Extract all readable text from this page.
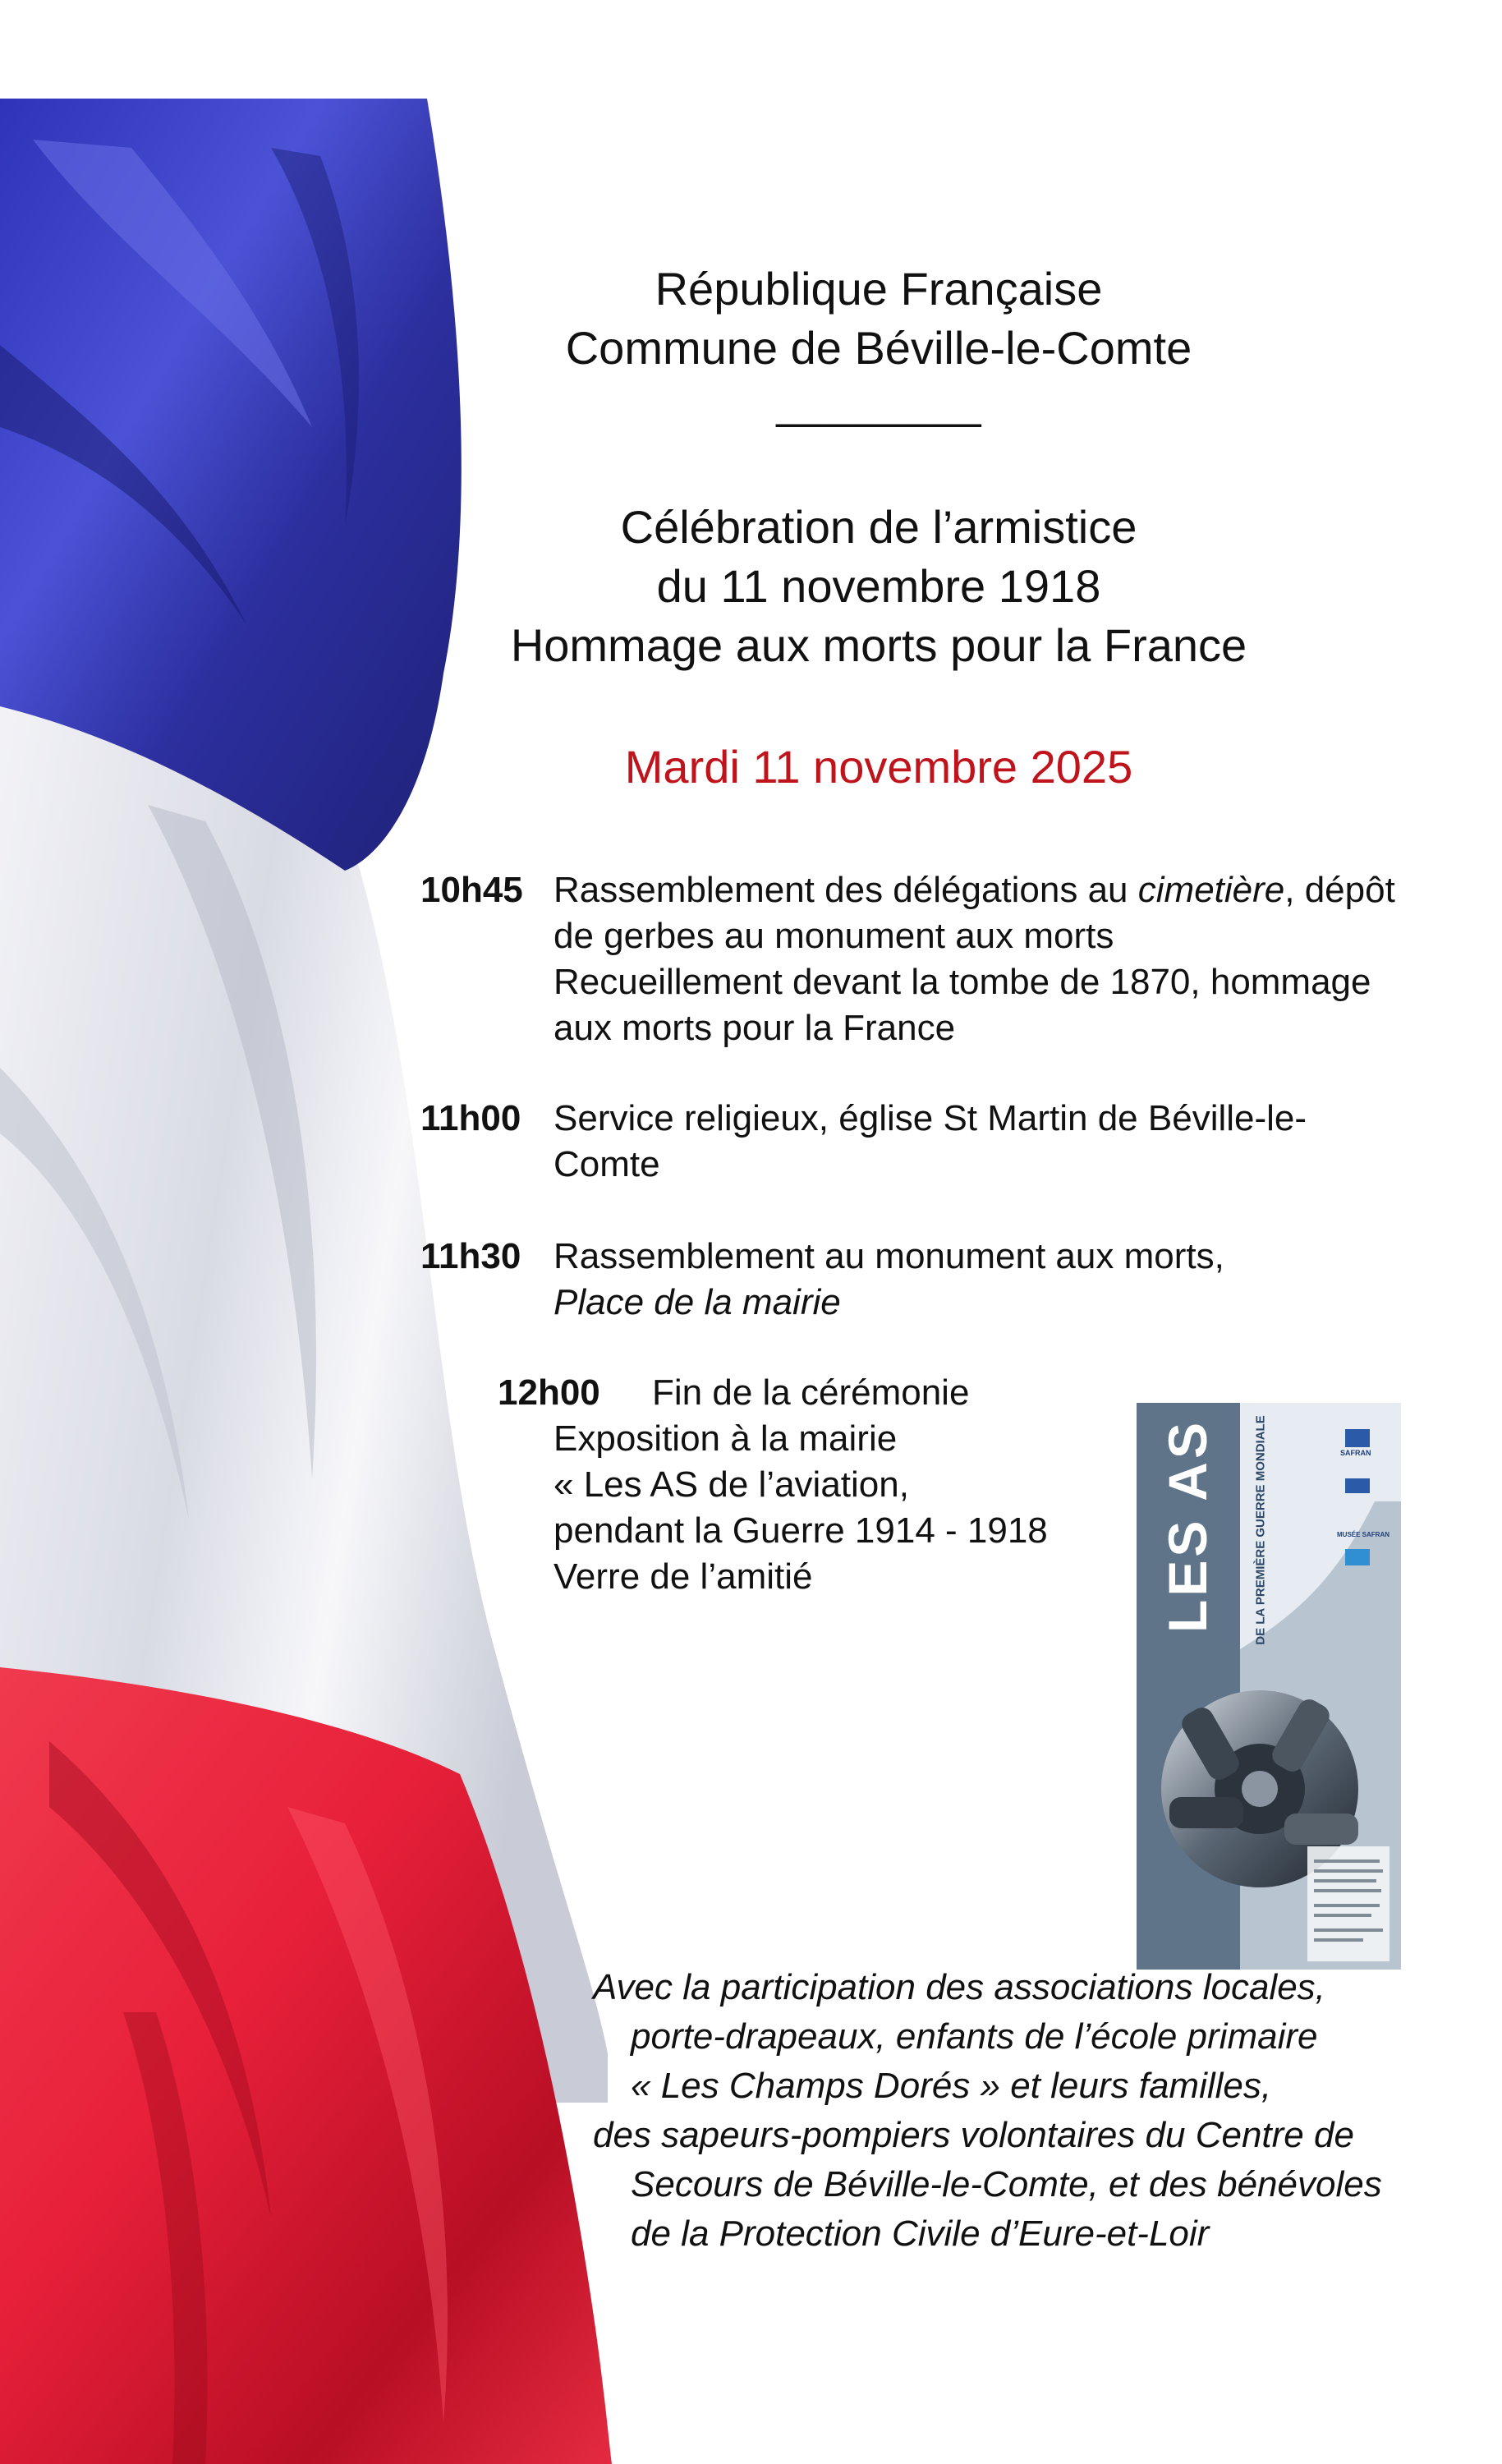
République Française
Commune de Béville-le-Comte
________
Célébration de l’armistice
du 11 novembre 1918
Hommage aux morts pour la France
Mardi 11 novembre 2025
10h45 Rassemblement des délégations au cimetière, dépôt
de gerbes au monument aux morts
Recueillement devant la tombe de 1870, hommage
aux morts pour la France
11h00 Service religieux, église St Martin de Béville-le-
Comte
11h30 Rassemblement au monument aux morts,
Place de la mairie
12h00 Fin de la cérémonie
Exposition à la mairie
« Les AS de l’aviation,
pendant la Guerre 1914 - 1918
Verre de l’amitié	LES AS	DE LA PREMIÈRE GUERRE MONDIALE	SAFRAN
MUSÉE SAFRAN
Avec la participation des associations locales,
porte-drapeaux, enfants de l’école primaire
« Les Champs Dorés » et leurs familles,
des sapeurs-pompiers volontaires du Centre de
Secours de Béville-le-Comte, et des bénévoles
de la Protection Civile d’Eure-et-Loir
